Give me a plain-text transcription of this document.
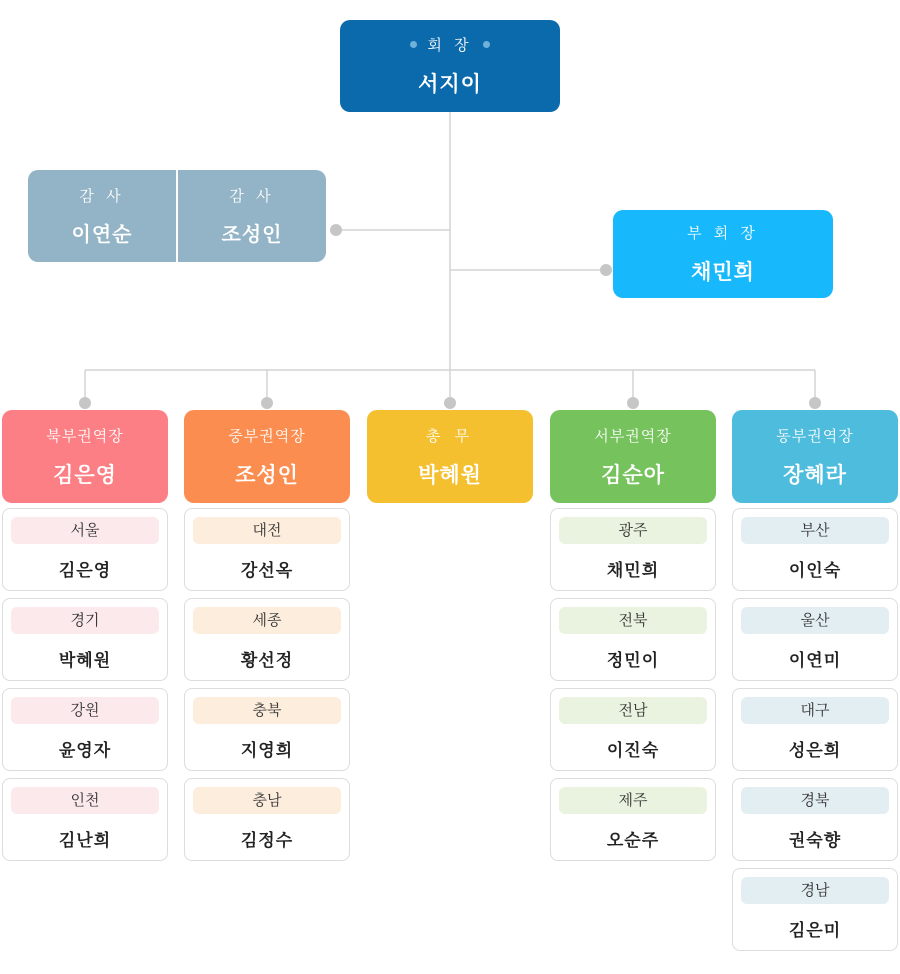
회 장
서지이
감 사
이연순
감 사
조성인	부 회 장
채민희
북부권역장
김은영
중부권역장
조성인
총 무
박혜원
서부권역장
김순아
동부권역장
장혜라
서울
김은영
경기
박혜원
강원
윤영자
인천
김난희
대전
강선옥
세종
황선정
충북
지영희
충남
김정수
광주
채민희
전북
정민이
전남
이진숙
제주
오순주
부산
이인숙
울산
이연미
대구
성은희
경북
권숙향
경남
김은미
